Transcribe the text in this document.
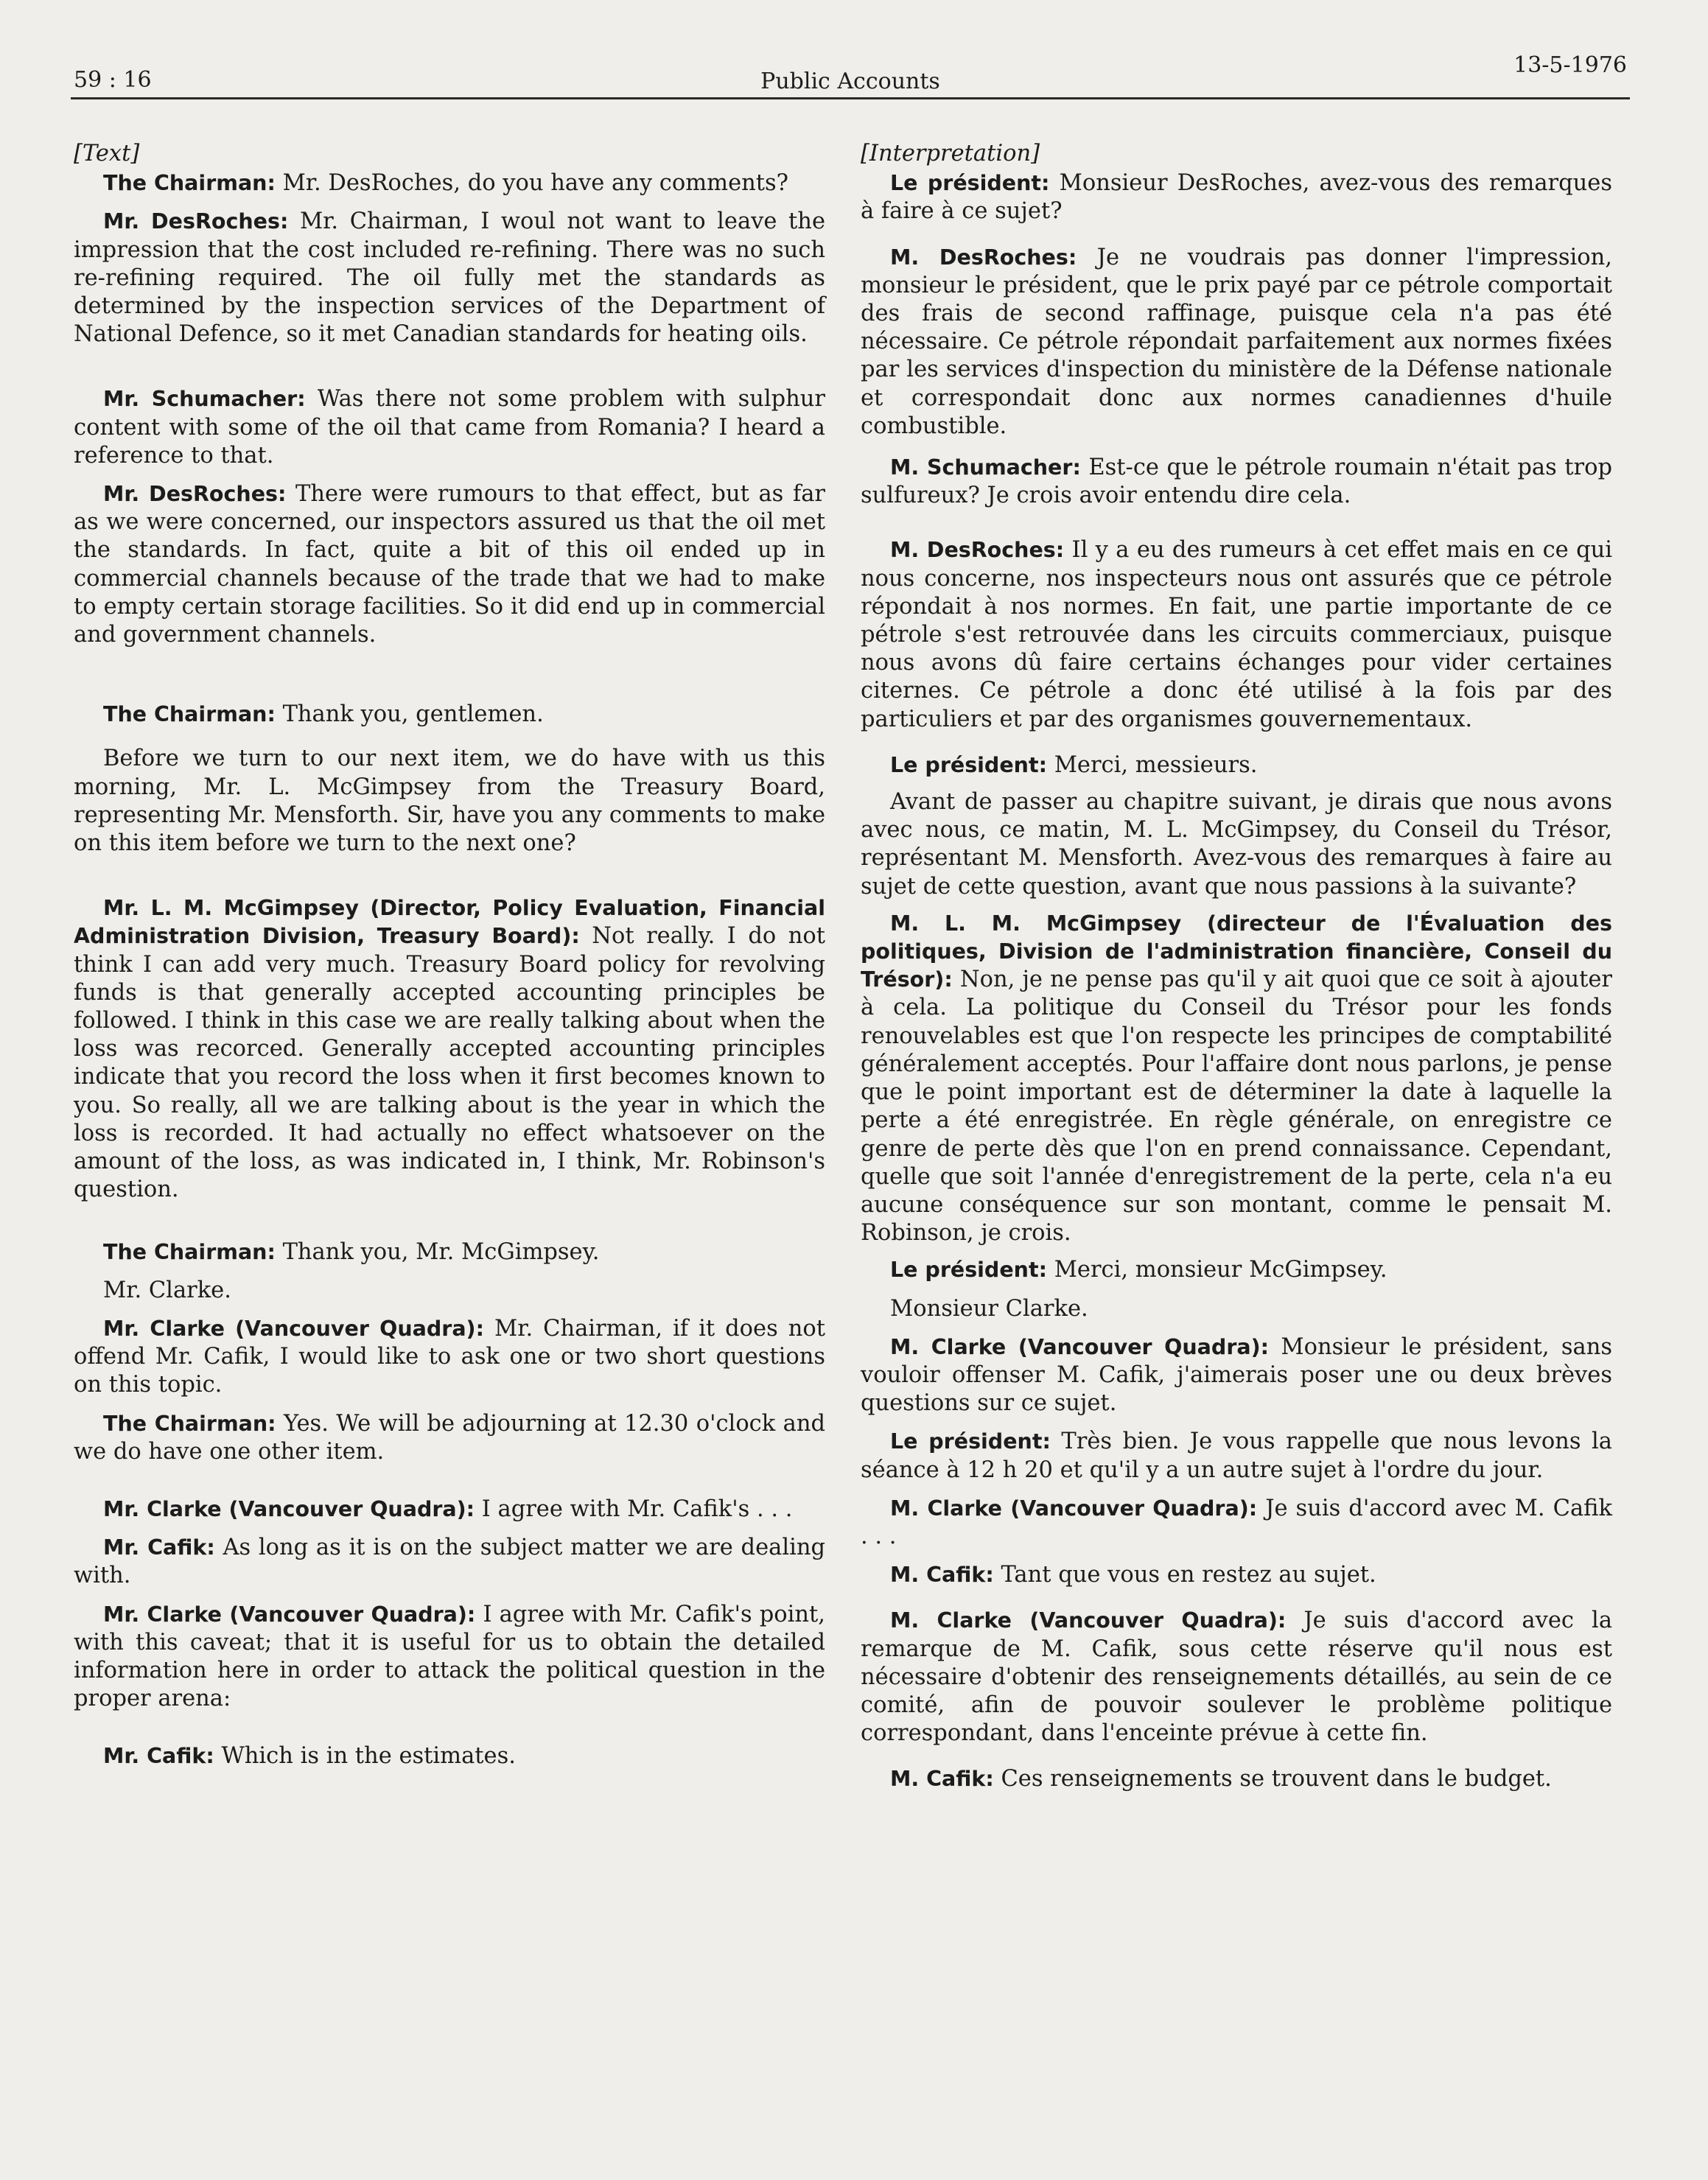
59 : 16	Public Accounts
13-5-1976
[Text]

The Chairman: Mr. DesRoches, do you have any comments?

Mr. DesRoches: Mr. Chairman, I woul not want to leave the impression that the cost included re-refining. There was no such re-refining required. The oil fully met the standards as determined by the inspection services of the Department of National Defence, so it met Canadian standards for heating oils.

Mr. Schumacher: Was there not some problem with sulphur content with some of the oil that came from Romania? I heard a reference to that.

Mr. DesRoches: There were rumours to that effect, but as far as we were concerned, our inspectors assured us that the oil met the standards. In fact, quite a bit of this oil ended up in commercial channels because of the trade that we had to make to empty certain storage facilities. So it did end up in commercial and government channels.

The Chairman: Thank you, gentlemen.

Before we turn to our next item, we do have with us this morning, Mr. L. McGimpsey from the Treasury Board, representing Mr. Mensforth. Sir, have you any comments to make on this item before we turn to the next one?

Mr. L. M. McGimpsey (Director, Policy Evaluation, Financial Administration Division, Treasury Board): Not really. I do not think I can add very much. Treasury Board policy for revolving funds is that generally accepted accounting principles be followed. I think in this case we are really talking about when the loss was recorced. Generally accepted accounting principles indicate that you record the loss when it first becomes known to you. So really, all we are talking about is the year in which the loss is recorded. It had actually no effect whatsoever on the amount of the loss, as was indicated in, I think, Mr. Robinson's question.

The Chairman: Thank you, Mr. McGimpsey.

Mr. Clarke.

Mr. Clarke (Vancouver Quadra): Mr. Chairman, if it does not offend Mr. Cafik, I would like to ask one or two short questions on this topic.

The Chairman: Yes. We will be adjourning at 12.30 o'clock and we do have one other item.

Mr. Clarke (Vancouver Quadra): I agree with Mr. Cafik's . . .

Mr. Cafik: As long as it is on the subject matter we are dealing with.

Mr. Clarke (Vancouver Quadra): I agree with Mr. Cafik's point, with this caveat; that it is useful for us to obtain the detailed information here in order to attack the political question in the proper arena:

Mr. Cafik: Which is in the estimates.

[Interpretation]

Le président: Monsieur DesRoches, avez-vous des remarques à faire à ce sujet?

M. DesRoches: Je ne voudrais pas donner l'impression, monsieur le président, que le prix payé par ce pétrole comportait des frais de second raffinage, puisque cela n'a pas été nécessaire. Ce pétrole répondait parfaitement aux normes fixées par les services d'inspection du ministère de la Défense nationale et correspondait donc aux normes canadiennes d'huile combustible.

M. Schumacher: Est-ce que le pétrole roumain n'était pas trop sulfureux? Je crois avoir entendu dire cela.

M. DesRoches: Il y a eu des rumeurs à cet effet mais en ce qui nous concerne, nos inspecteurs nous ont assurés que ce pétrole répondait à nos normes. En fait, une partie importante de ce pétrole s'est retrouvée dans les circuits commerciaux, puisque nous avons dû faire certains échanges pour vider certaines citernes. Ce pétrole a donc été utilisé à la fois par des particuliers et par des organismes gouvernementaux.

Le président: Merci, messieurs.

Avant de passer au chapitre suivant, je dirais que nous avons avec nous, ce matin, M. L. McGimpsey, du Conseil du Trésor, représentant M. Mensforth. Avez-vous des remarques à faire au sujet de cette question, avant que nous passions à la suivante?

M. L. M. McGimpsey (directeur de l'Évaluation des politiques, Division de l'administration financière, Conseil du Trésor): Non, je ne pense pas qu'il y ait quoi que ce soit à ajouter à cela. La politique du Conseil du Trésor pour les fonds renouvelables est que l'on respecte les principes de comptabilité généralement acceptés. Pour l'affaire dont nous parlons, je pense que le point important est de déterminer la date à laquelle la perte a été enregistrée. En règle générale, on enregistre ce genre de perte dès que l'on en prend connaissance. Cependant, quelle que soit l'année d'enregistrement de la perte, cela n'a eu aucune conséquence sur son montant, comme le pensait M. Robinson, je crois.

Le président: Merci, monsieur McGimpsey.

Monsieur Clarke.

M. Clarke (Vancouver Quadra): Monsieur le président, sans vouloir offenser M. Cafik, j'aimerais poser une ou deux brèves questions sur ce sujet.

Le président: Très bien. Je vous rappelle que nous levons la séance à 12 h 20 et qu'il y a un autre sujet à l'ordre du jour.

M. Clarke (Vancouver Quadra): Je suis d'accord avec M. Cafik . . .

M. Cafik: Tant que vous en restez au sujet.

M. Clarke (Vancouver Quadra): Je suis d'accord avec la remarque de M. Cafik, sous cette réserve qu'il nous est nécessaire d'obtenir des renseignements détaillés, au sein de ce comité, afin de pouvoir soulever le problème politique correspondant, dans l'enceinte prévue à cette fin.

M. Cafik: Ces renseignements se trouvent dans le budget.
